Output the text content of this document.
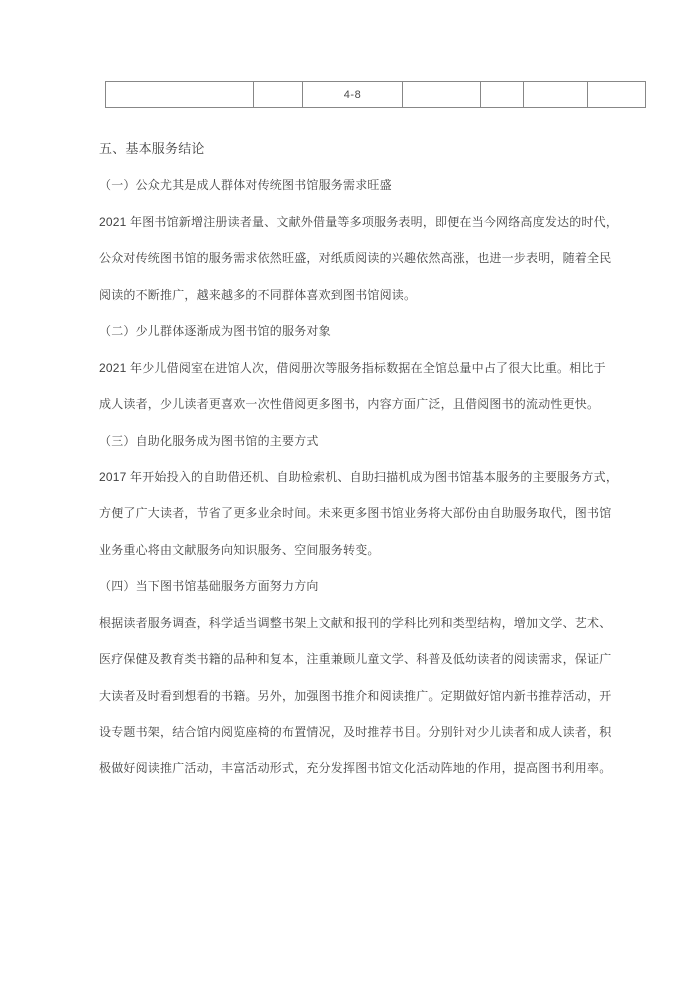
		4-8				
五、基本服务结论
（一）公众尤其是成人群体对传统图书馆服务需求旺盛
2021 年图书馆新增注册读者量、文献外借量等多项服务表明，即便在当今网络高度发达的时代，
公众对传统图书馆的服务需求依然旺盛，对纸质阅读的兴趣依然高涨，也进一步表明，随着全民
阅读的不断推广，越来越多的不同群体喜欢到图书馆阅读。
（二）少儿群体逐渐成为图书馆的服务对象
2021 年少儿借阅室在进馆人次，借阅册次等服务指标数据在全馆总量中占了很大比重。相比于
成人读者，少儿读者更喜欢一次性借阅更多图书，内容方面广泛，且借阅图书的流动性更快。
（三）自助化服务成为图书馆的主要方式
2017 年开始投入的自助借还机、自助检索机、自助扫描机成为图书馆基本服务的主要服务方式，
方便了广大读者，节省了更多业余时间。未来更多图书馆业务将大部份由自助服务取代，图书馆
业务重心将由文献服务向知识服务、空间服务转变。
（四）当下图书馆基础服务方面努力方向
根据读者服务调查，科学适当调整书架上文献和报刊的学科比列和类型结构，增加文学、艺术、
医疗保健及教育类书籍的品种和复本，注重兼顾儿童文学、科普及低幼读者的阅读需求，保证广
大读者及时看到想看的书籍。另外，加强图书推介和阅读推广。定期做好馆内新书推荐活动，开
设专题书架，结合馆内阅览座椅的布置情况，及时推荐书目。分别针对少儿读者和成人读者，积
极做好阅读推广活动，丰富活动形式，充分发挥图书馆文化活动阵地的作用，提高图书利用率。
